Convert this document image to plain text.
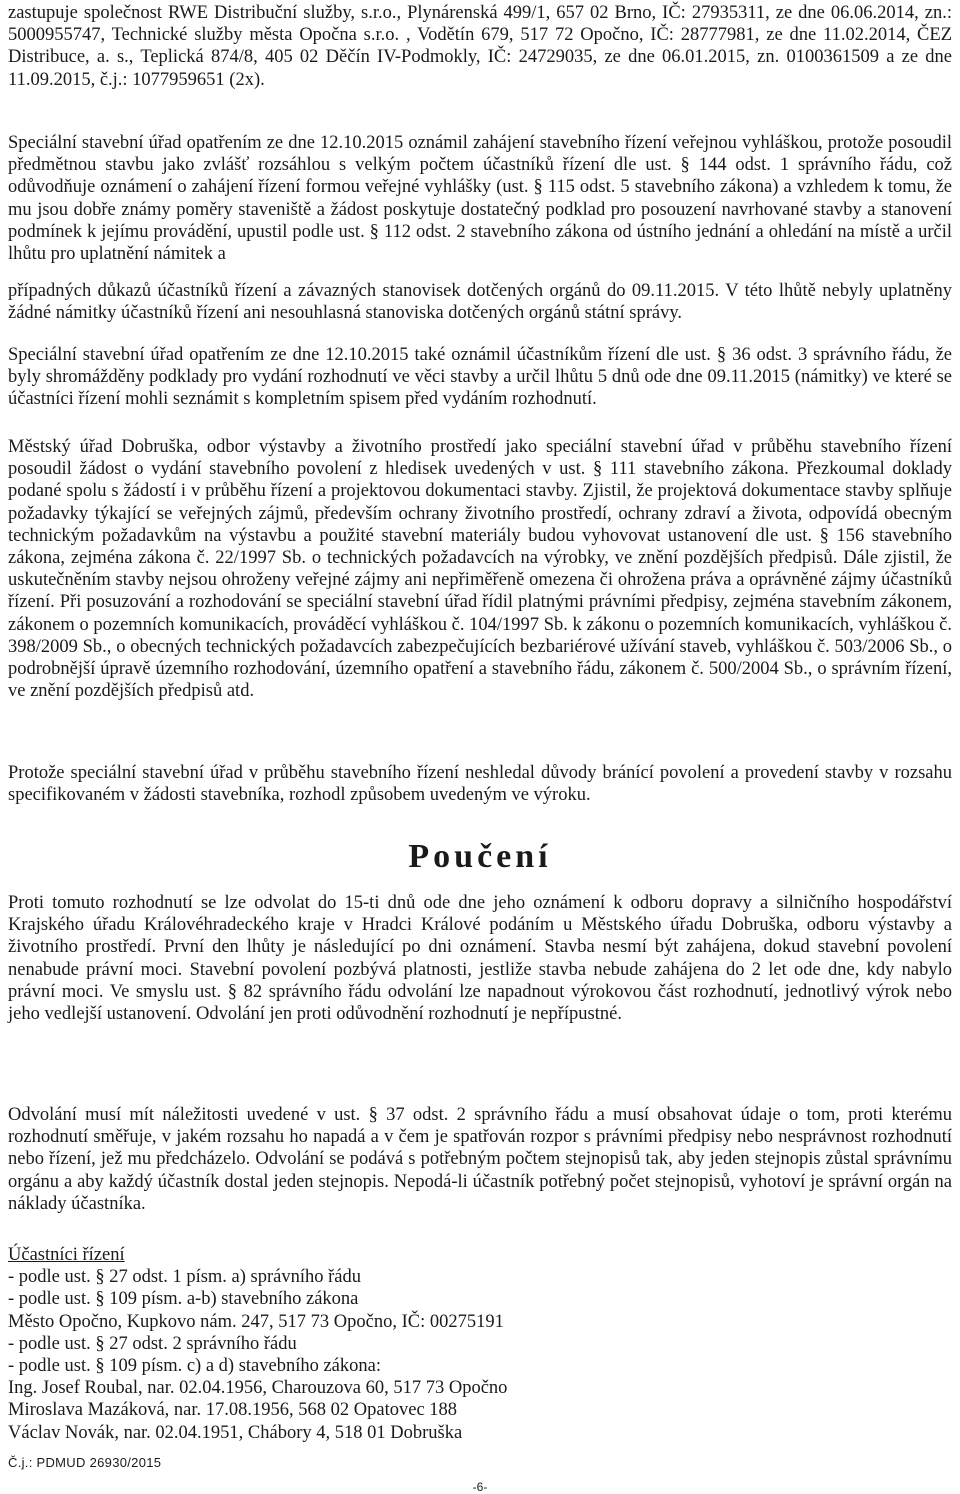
zastupuje společnost RWE Distribuční služby, s.r.o., Plynárenská 499/1, 657 02 Brno, IČ: 27935311, ze dne 06.06.2014, zn.: 5000955747, Technické služby města Opočna s.r.o. , Vodětín 679, 517 72 Opočno, IČ: 28777981, ze dne 11.02.2014, ČEZ Distribuce, a. s., Teplická 874/8, 405 02 Děčín IV-Podmokly, IČ: 24729035, ze dne 06.01.2015, zn. 0100361509 a ze dne 11.09.2015, č.j.: 1077959651 (2x).

Speciální stavební úřad opatřením ze dne 12.10.2015 oznámil zahájení stavebního řízení veřejnou vyhláškou, protože posoudil předmětnou stavbu jako zvlášť rozsáhlou s velkým počtem účastníků řízení dle ust. § 144 odst. 1 správního řádu, což odůvodňuje oznámení o zahájení řízení formou veřejné vyhlášky (ust. § 115 odst. 5 stavebního zákona) a vzhledem k tomu, že mu jsou dobře známy poměry staveniště a žádost poskytuje dostatečný podklad pro posouzení navrhované stavby a stanovení podmínek k jejímu provádění, upustil podle ust. § 112 odst. 2 stavebního zákona od ústního jednání a ohledání na místě a určil lhůtu pro uplatnění námitek a

případných důkazů účastníků řízení a závazných stanovisek dotčených orgánů do 09.11.2015. V této lhůtě nebyly uplatněny žádné námitky účastníků řízení ani nesouhlasná stanoviska dotčených orgánů státní správy.

Speciální stavební úřad opatřením ze dne 12.10.2015 také oznámil účastníkům řízení dle ust. § 36 odst. 3 správního řádu, že byly shromážděny podklady pro vydání rozhodnutí ve věci stavby a určil lhůtu 5 dnů ode dne 09.11.2015 (námitky) ve které se účastníci řízení mohli seznámit s kompletním spisem před vydáním rozhodnutí.

Městský úřad Dobruška, odbor výstavby a životního prostředí jako speciální stavební úřad v průběhu stavebního řízení posoudil žádost o vydání stavebního povolení z hledisek uvedených v ust. § 111 stavebního zákona. Přezkoumal doklady podané spolu s žádostí i v průběhu řízení a projektovou dokumentaci stavby. Zjistil, že projektová dokumentace stavby splňuje požadavky týkající se veřejných zájmů, především ochrany životního prostředí, ochrany zdraví a života, odpovídá obecným technickým požadavkům na výstavbu a použité stavební materiály budou vyhovovat ustanovení dle ust. § 156 stavebního zákona, zejména zákona č. 22/1997 Sb. o technických požadavcích na výrobky, ve znění pozdějších předpisů. Dále zjistil, že uskutečněním stavby nejsou ohroženy veřejné zájmy ani nepřiměřeně omezena či ohrožena práva a oprávněné zájmy účastníků řízení. Při posuzování a rozhodování se speciální stavební úřad řídil platnými právními předpisy, zejména stavebním zákonem, zákonem o pozemních komunikacích, prováděcí vyhláškou č. 104/1997 Sb. k zákonu o pozemních komunikacích, vyhláškou č. 398/2009 Sb., o obecných technických požadavcích zabezpečujících bezbariérové užívání staveb, vyhláškou č. 503/2006 Sb., o podrobnější úpravě územního rozhodování, územního opatření a stavebního řádu, zákonem č. 500/2004 Sb., o správním řízení, ve znění pozdějších předpisů atd.

Protože speciální stavební úřad v průběhu stavebního řízení neshledal důvody bránící povolení a provedení stavby v rozsahu specifikovaném v žádosti stavebníka, rozhodl způsobem uvedeným ve výroku.

Poučení

Proti tomuto rozhodnutí se lze odvolat do 15-ti dnů ode dne jeho oznámení k odboru dopravy a silničního hospodářství Krajského úřadu Královéhradeckého kraje v Hradci Králové podáním u Městského úřadu Dobruška, odboru výstavby a životního prostředí. První den lhůty je následující po dni oznámení. Stavba nesmí být zahájena, dokud stavební povolení nenabude právní moci. Stavební povolení pozbývá platnosti, jestliže stavba nebude zahájena do 2 let ode dne, kdy nabylo právní moci. Ve smyslu ust. § 82 správního řádu odvolání lze napadnout výrokovou část rozhodnutí, jednotlivý výrok nebo jeho vedlejší ustanovení. Odvolání jen proti odůvodnění rozhodnutí je nepřípustné.

Odvolání musí mít náležitosti uvedené v ust. § 37 odst. 2 správního řádu a musí obsahovat údaje o tom, proti kterému rozhodnutí směřuje, v jakém rozsahu ho napadá a v čem je spatřován rozpor s právními předpisy nebo nesprávnost rozhodnutí nebo řízení, jež mu předcházelo. Odvolání se podává s potřebným počtem stejnopisů tak, aby jeden stejnopis zůstal správnímu orgánu a aby každý účastník dostal jeden stejnopis. Nepodá-li účastník potřebný počet stejnopisů, vyhotoví je správní orgán na náklady účastníka.

Účastníci řízení
- podle ust. § 27 odst. 1 písm. a) správního řádu
- podle ust. § 109 písm. a-b) stavebního zákona
Město Opočno, Kupkovo nám. 247, 517 73 Opočno, IČ: 00275191
- podle ust. § 27 odst. 2 správního řádu
- podle ust. § 109 písm. c) a d) stavebního zákona:
Ing. Josef Roubal, nar. 02.04.1956, Charouzova 60, 517 73 Opočno
Miroslava Mazáková, nar. 17.08.1956, 568 02 Opatovec 188
Václav Novák, nar. 02.04.1951, Chábory 4, 518 01 Dobruška
Č.j.: PDMUD 26930/2015
-6-
